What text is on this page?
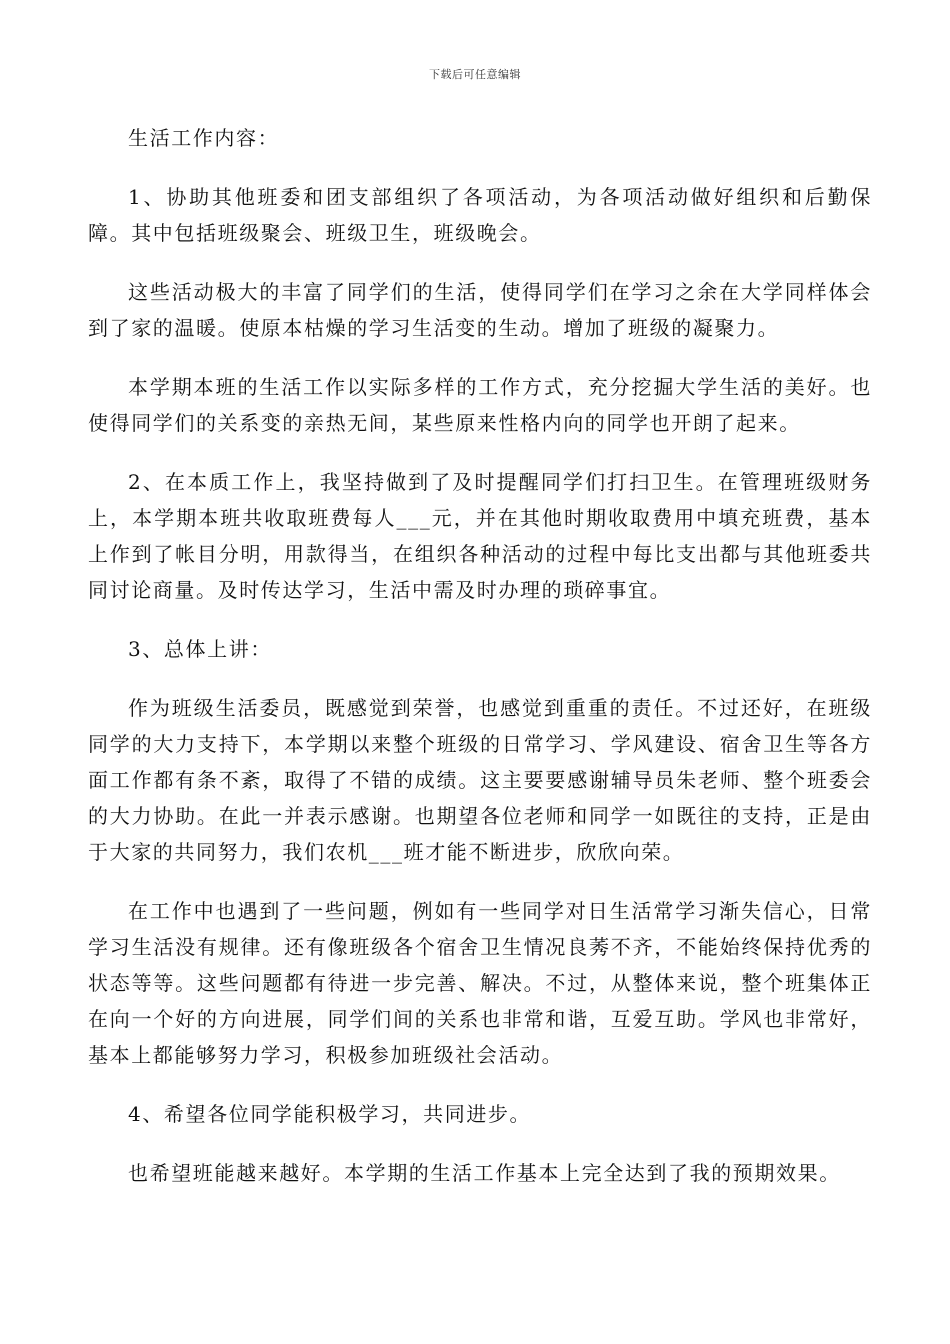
下载后可任意编辑

生活工作内容：

1、协助其他班委和团支部组织了各项活动，为各项活动做好组织和后勤保障。其中包括班级聚会、班级卫生，班级晚会。

这些活动极大的丰富了同学们的生活，使得同学们在学习之余在大学同样体会到了家的温暖。使原本枯燥的学习生活变的生动。增加了班级的凝聚力。

本学期本班的生活工作以实际多样的工作方式，充分挖掘大学生活的美好。也使得同学们的关系变的亲热无间，某些原来性格内向的同学也开朗了起来。

2、在本质工作上，我坚持做到了及时提醒同学们打扫卫生。在管理班级财务上，本学期本班共收取班费每人___元，并在其他时期收取费用中填充班费，基本上作到了帐目分明，用款得当，在组织各种活动的过程中每比支出都与其他班委共同讨论商量。及时传达学习，生活中需及时办理的琐碎事宜。

3、总体上讲：

作为班级生活委员，既感觉到荣誉，也感觉到重重的责任。不过还好，在班级同学的大力支持下，本学期以来整个班级的日常学习、学风建设、宿舍卫生等各方面工作都有条不紊，取得了不错的成绩。这主要要感谢辅导员朱老师、整个班委会的大力协助。在此一并表示感谢。也期望各位老师和同学一如既往的支持，正是由于大家的共同努力，我们农机___班才能不断进步，欣欣向荣。

在工作中也遇到了一些问题，例如有一些同学对日生活常学习渐失信心，日常学习生活没有规律。还有像班级各个宿舍卫生情况良莠不齐，不能始终保持优秀的状态等等。这些问题都有待进一步完善、解决。不过，从整体来说，整个班集体正在向一个好的方向进展，同学们间的关系也非常和谐，互爱互助。学风也非常好，基本上都能够努力学习，积极参加班级社会活动。

4、希望各位同学能积极学习，共同进步。

也希望班能越来越好。本学期的生活工作基本上完全达到了我的预期效果。
